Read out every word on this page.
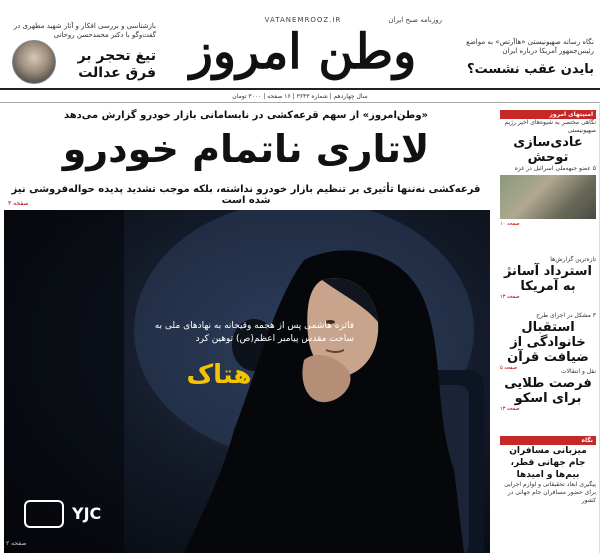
بازشناسی و بررسی افکار و آثار شهید مطهری در گفت‌وگو با دکتر محمدحسن روحانی
تیغ تحجر بر فرق عدالت
روزنامه صبح ایران
VATANEMROOZ.IR
وطن امروز	نگاه رسانه صهیونیستی «هاآرتص» به مواضع رئیس‌جمهور آمریکا درباره ایران
بایدن عقب نشست؟
سال چهاردهم | شماره ۳۶۴۳ | ۱۶ صفحه | ۳۰۰۰ تومان
«وطن‌امروز» از سهم قرعه‌کشی در نابسامانی بازار خودرو گزارش می‌دهد
لاتاری ناتمام خودرو
قرعه‌کشی نه‌تنها تأثیری بر تنظیم بازار خودرو نداشته، بلکه موجب تشدید پدیده حواله‌فروشی نیز شده است
صفحه ۳
فائزه هاشمی پس از هجمه وقیحانه به نهادهای ملی به ساحت مقدس پیامبر اعظم(ص) توهین کرد
هتاک
YJC
صفحه ۲
امنیتهای امروز
نگاهی مختصر به شیوه‌های اخیر رژیم صهیونیستی
عادی‌سازی توحش
۵ عضو جبهه‌ملی اسرائیل در غزه
صفحه ۱۰
تازه‌ترین گزارش‌ها
استرداد آسانژ به آمریکا
صفحه ۱۳
۳ مشکل در اجرای طرح
استقبال خانوادگی از ضیافت قرآن
صفحه ۵	نقل و انتقالات
فرصت طلایی برای اسکو
صفحه ۱۳
نگاه
میزبانی مسافران جام جهانی قطر، بیم‌ها و امیدها
پیگیری ابعاد تحقیقاتی و لوازم اجرایی برای حضور مسافران جام جهانی در کشور
